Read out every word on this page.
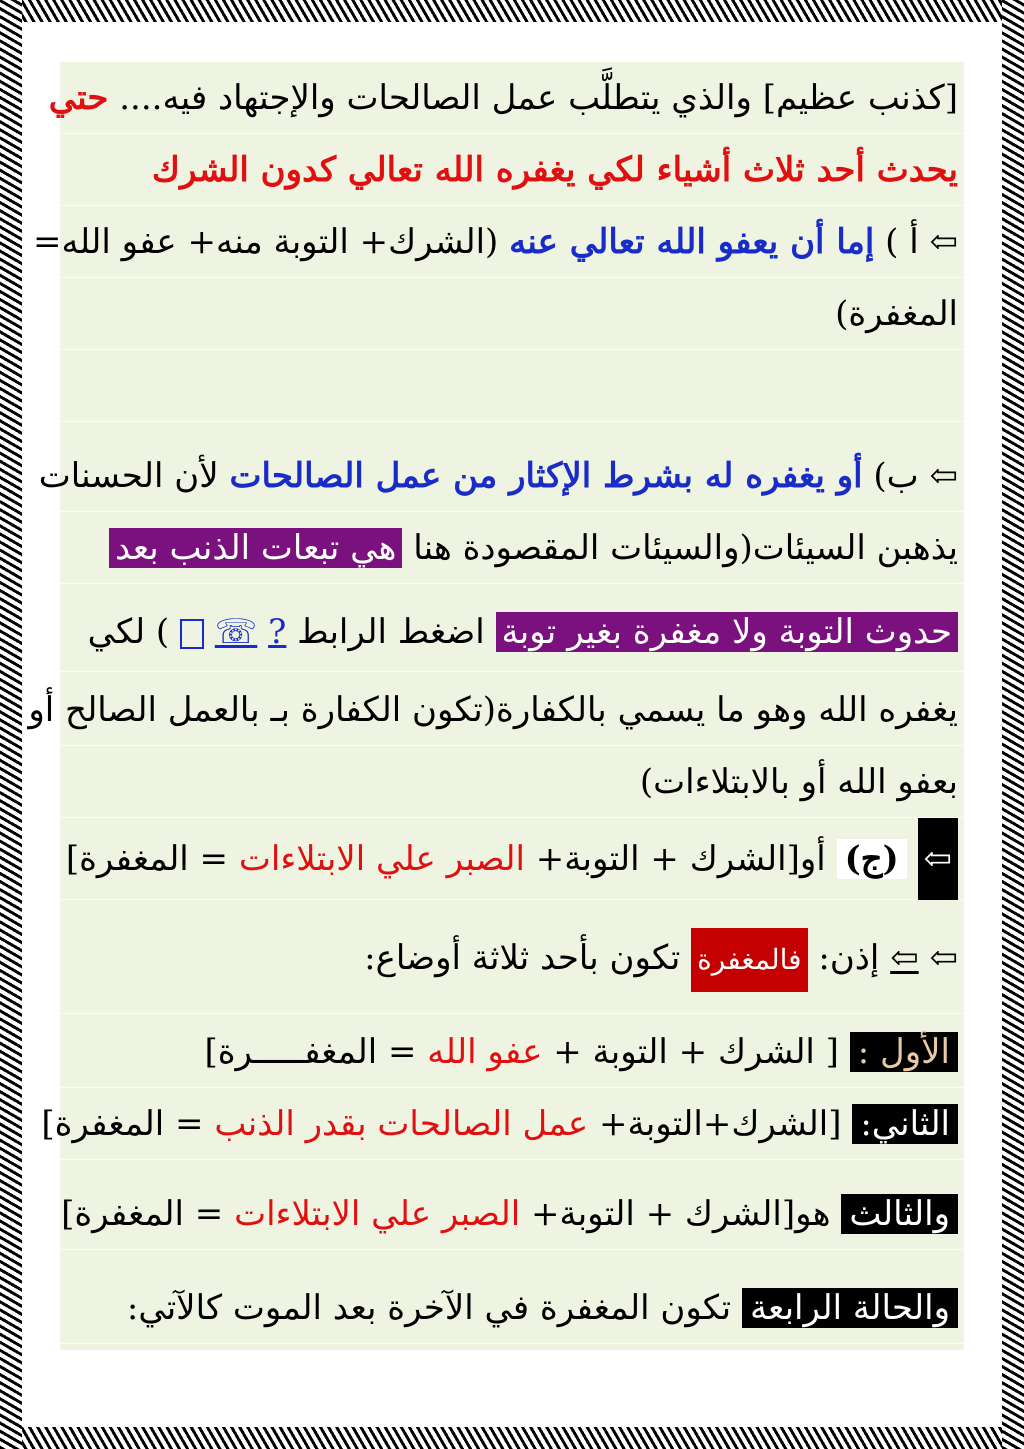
[كذنب عظيم] والذي يتطلَّب عمل الصالحات والإجتهاد فيه.... حتي
يحدث أحد ثلاث أشياء لكي يغفره الله تعالي كدون الشرك
⇦ أ ) إما أن يعفو الله تعالي عنه (الشرك+ التوبة منه+ عفو الله=
المغفرة)
⇦ ب) أو يغفره له بشرط الإكثار من عمل الصالحات لأن الحسنات
يذهبن السيئات(والسيئات المقصودة هنا هي تبعات الذنب بعد
حدوث التوبة ولا مغفرة بغير توبة اضغط الرابط ? ☏  ) لكي
يغفره الله وهو ما يسمي بالكفارة(تكون الكفارة بـ بالعمل الصالح أو
بعفو الله أو بالابتلاءات)
⇦ (ج) أو[الشرك + التوبة+ الصبر علي الابتلاءات = المغفرة]
⇦ ⇦ إذن: فالمغفرة تكون بأحد ثلاثة أوضاع:
الأول : [ الشرك + التوبة + عفو الله = المغفـــــرة]
الثاني: [الشرك+التوبة+ عمل الصالحات بقدر الذنب = المغفرة]
والثالث هو[الشرك + التوبة+ الصبر علي الابتلاءات = المغفرة]
والحالة الرابعة تكون المغفرة في الآخرة بعد الموت كالآتي:
